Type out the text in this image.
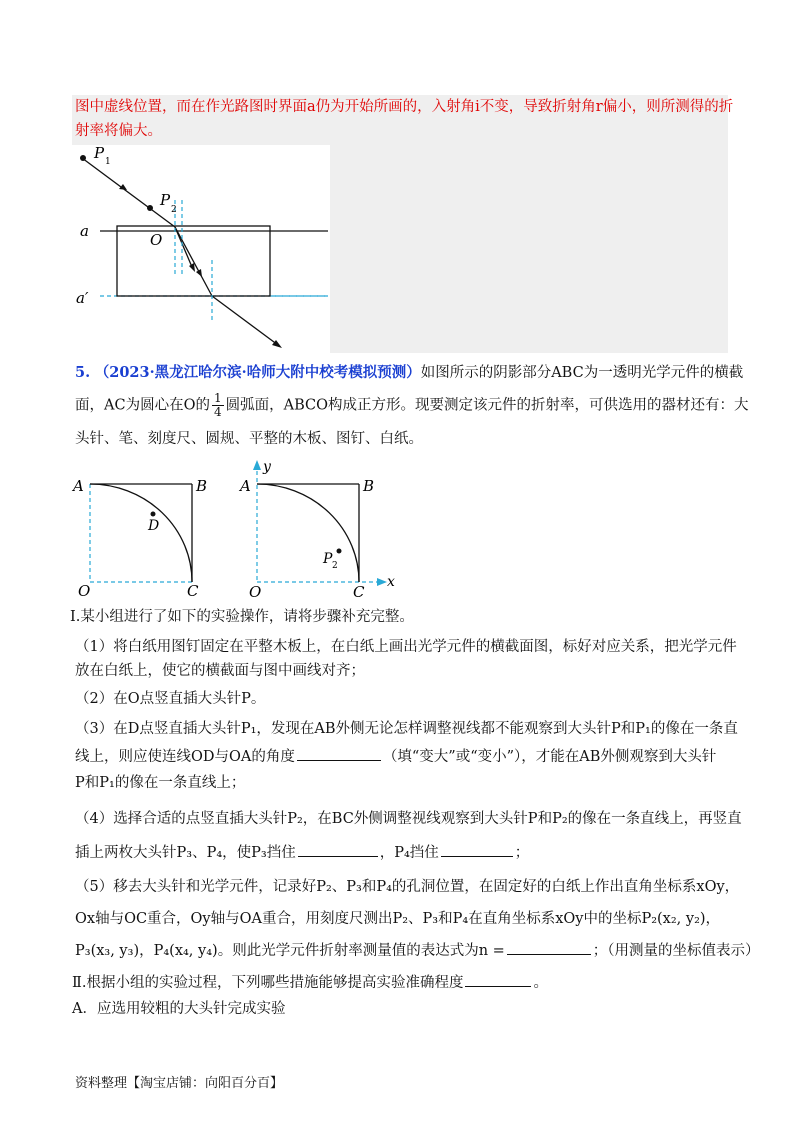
图中虚线位置，而在作光路图时界面a仍为开始所画的，入射角i不变，导致折射角r偏小，则所测得的折
射率将偏大。
P 1
P
2
O
a
a′
5. （2023·黑龙江哈尔滨·哈师大附中校考模拟预测）如图所示的阴影部分ABC为一透明光学元件的横截
面，AC为圆心在O的 $\frac{1}{4}$ 圆弧面，ABCO构成正方形。现要测定该元件的折射率，可供选用的器材还有：大
头针、笔、刻度尺、圆规、平整的木板、图钉、白纸。
A	B
C
O
D
A	B
C
O
x
y
P 2
Ⅰ.某小组进行了如下的实验操作，请将步骤补充完整。
（1）将白纸用图钉固定在平整木板上，在白纸上画出光学元件的横截面图，标好对应关系，把光学元件
放在白纸上，使它的横截面与图中画线对齐；
（2）在O点竖直插大头针P。
（3）在D点竖直插大头针P₁，发现在AB外侧无论怎样调整视线都不能观察到大头针P和P₁的像在一条直
线上，则应使连线OD与OA的角度	（填“变大”或“变小”），才能在AB外侧观察到大头针
P和P₁的像在一条直线上；
（4）选择合适的点竖直插大头针P₂，在BC外侧调整视线观察到大头针P和P₂的像在一条直线上，再竖直
插上两枚大头针P₃、P₄，使P₃挡住	，P₄挡住	；
（5）移去大头针和光学元件，记录好P₂、P₃和P₄的孔洞位置，在固定好的白纸上作出直角坐标系xOy，
Ox轴与OC重合，Oy轴与OA重合，用刻度尺测出P₂、P₃和P₄在直角坐标系xOy中的坐标P₂(x₂, y₂)，
P₃(x₃, y₃)，P₄(x₄, y₄)。则此光学元件折射率测量值的表达式为n =	；（用测量的坐标值表示）
Ⅱ.根据小组的实验过程，下列哪些措施能够提高实验准确程度	。
A．应选用较粗的大头针完成实验
资料整理【淘宝店铺：向阳百分百】
